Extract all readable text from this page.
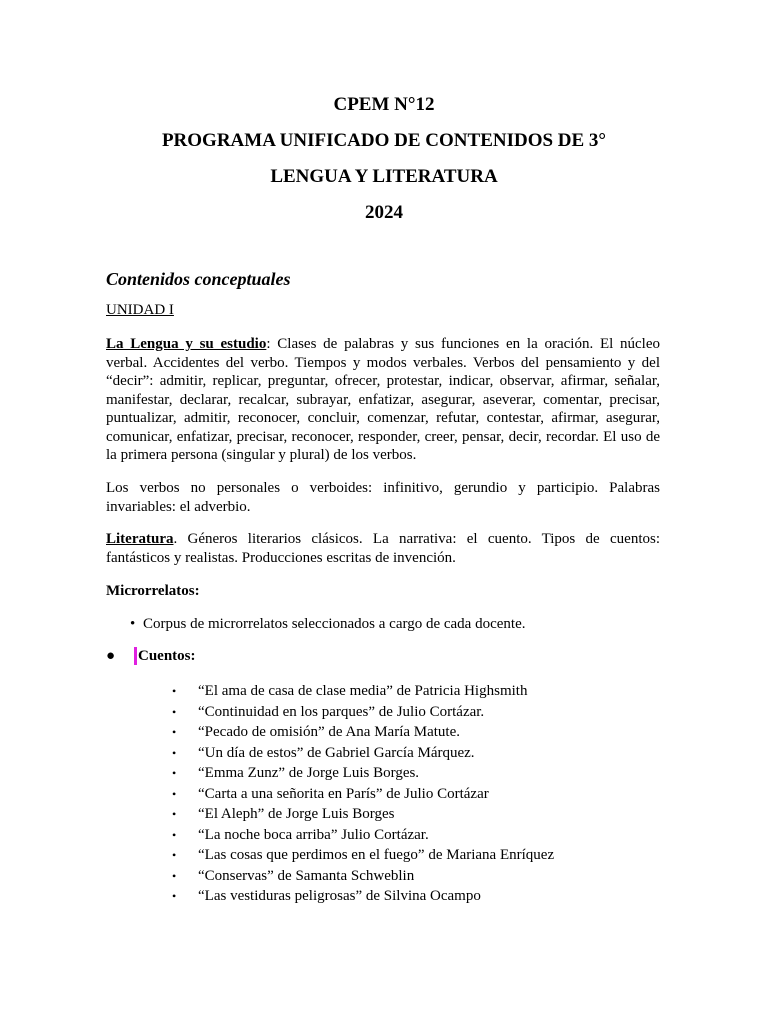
CPEM N°12
PROGRAMA UNIFICADO DE CONTENIDOS DE 3°
LENGUA Y LITERATURA
2024
Contenidos conceptuales

UNIDAD I

La Lengua y su estudio: Clases de palabras y sus funciones en la oración. El núcleo verbal. Accidentes del verbo. Tiempos y modos verbales. Verbos del pensamiento y del “decir”: admitir, replicar, preguntar, ofrecer, protestar, indicar, observar, afirmar, señalar, manifestar, declarar, recalcar, subrayar, enfatizar, asegurar, aseverar, comentar, precisar, puntualizar, admitir, reconocer, concluir, comenzar, refutar, contestar, afirmar, asegurar, comunicar, enfatizar, precisar, reconocer, responder, creer, pensar, decir, recordar. El uso de la primera persona (singular y plural) de los verbos.

Los verbos no personales o verboides: infinitivo, gerundio y participio. Palabras invariables: el adverbio.

Literatura. Géneros literarios clásicos. La narrativa: el cuento. Tipos de cuentos: fantásticos y realistas. Producciones escritas de invención.

Microrrelatos:

• Corpus de microrrelatos seleccionados a cargo de cada docente.

● Cuentos:
• “El ama de casa de clase media” de Patricia Highsmith
• “Continuidad en los parques” de Julio Cortázar.
• “Pecado de omisión” de Ana María Matute.
• “Un día de estos” de Gabriel García Márquez.
• “Emma Zunz” de Jorge Luis Borges.
• “Carta a una señorita en París” de Julio Cortázar
• “El Aleph” de Jorge Luis Borges
• “La noche boca arriba” Julio Cortázar.
• “Las cosas que perdimos en el fuego” de Mariana Enríquez
• “Conservas” de Samanta Schweblin
• “Las vestiduras peligrosas” de Silvina Ocampo
